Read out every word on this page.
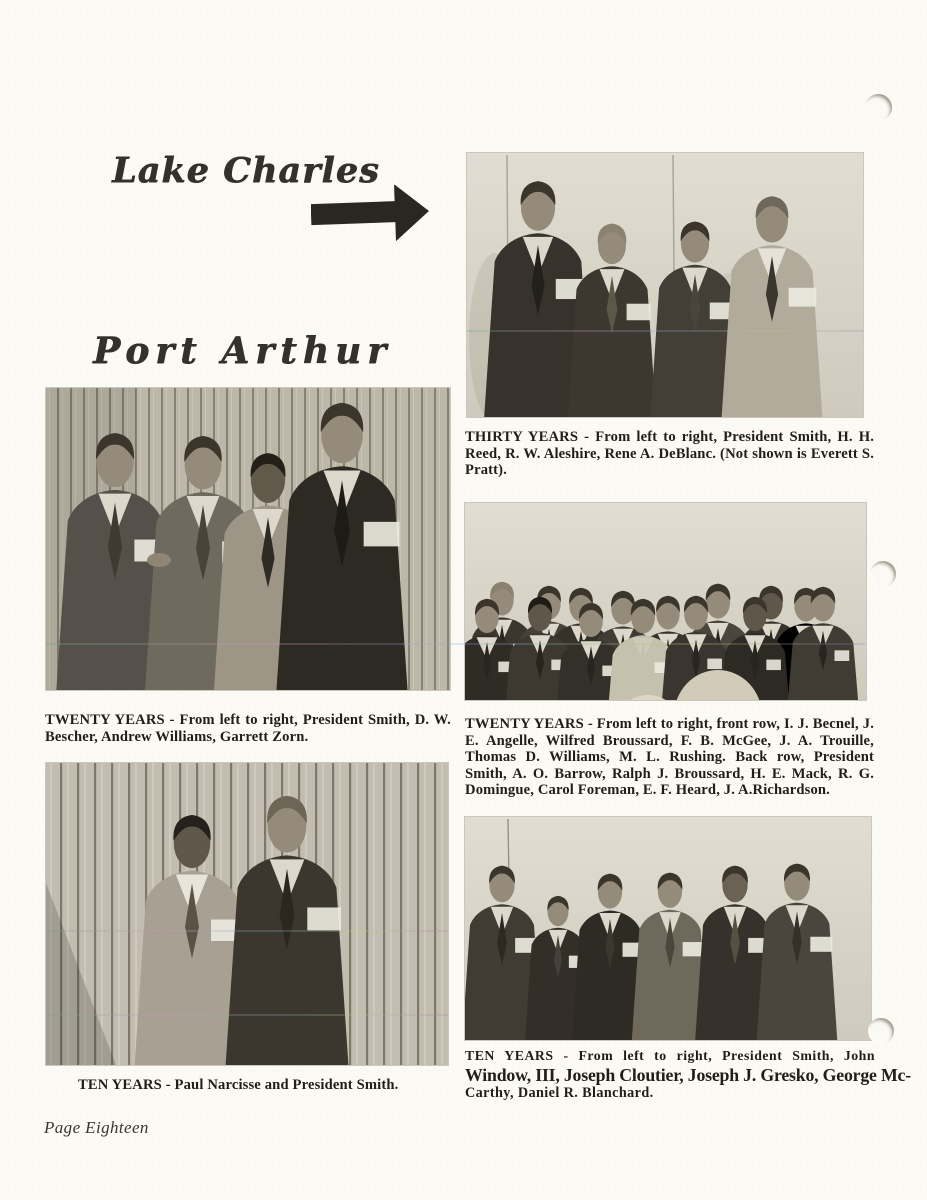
Lake Charles
Port Arthur
THIRTY YEARS - From left to right, President Smith, H. H. Reed, R. W. Aleshire, Rene A. DeBlanc. (Not shown is Everett S. Pratt).
TWENTY YEARS - From left to right, President Smith, D. W. Bescher, Andrew Williams, Garrett Zorn.
TWENTY YEARS - From left to right, front row, I. J. Becnel, J. E. Angelle, Wilfred Broussard, F. B. McGee, J. A. Trouille, Thomas D. Williams, M. L. Rushing. Back row, President Smith, A. O. Barrow, Ralph J. Broussard, H. E. Mack, R. G. Domingue, Carol Foreman, E. F. Heard, J. A.Richardson.
TEN YEARS - Paul Narcisse and President Smith.
TEN YEARS - From left to right, President Smith, John
Window, III, Joseph Cloutier, Joseph J. Gresko, George Mc-
Carthy, Daniel R. Blanchard.
Page Eighteen
